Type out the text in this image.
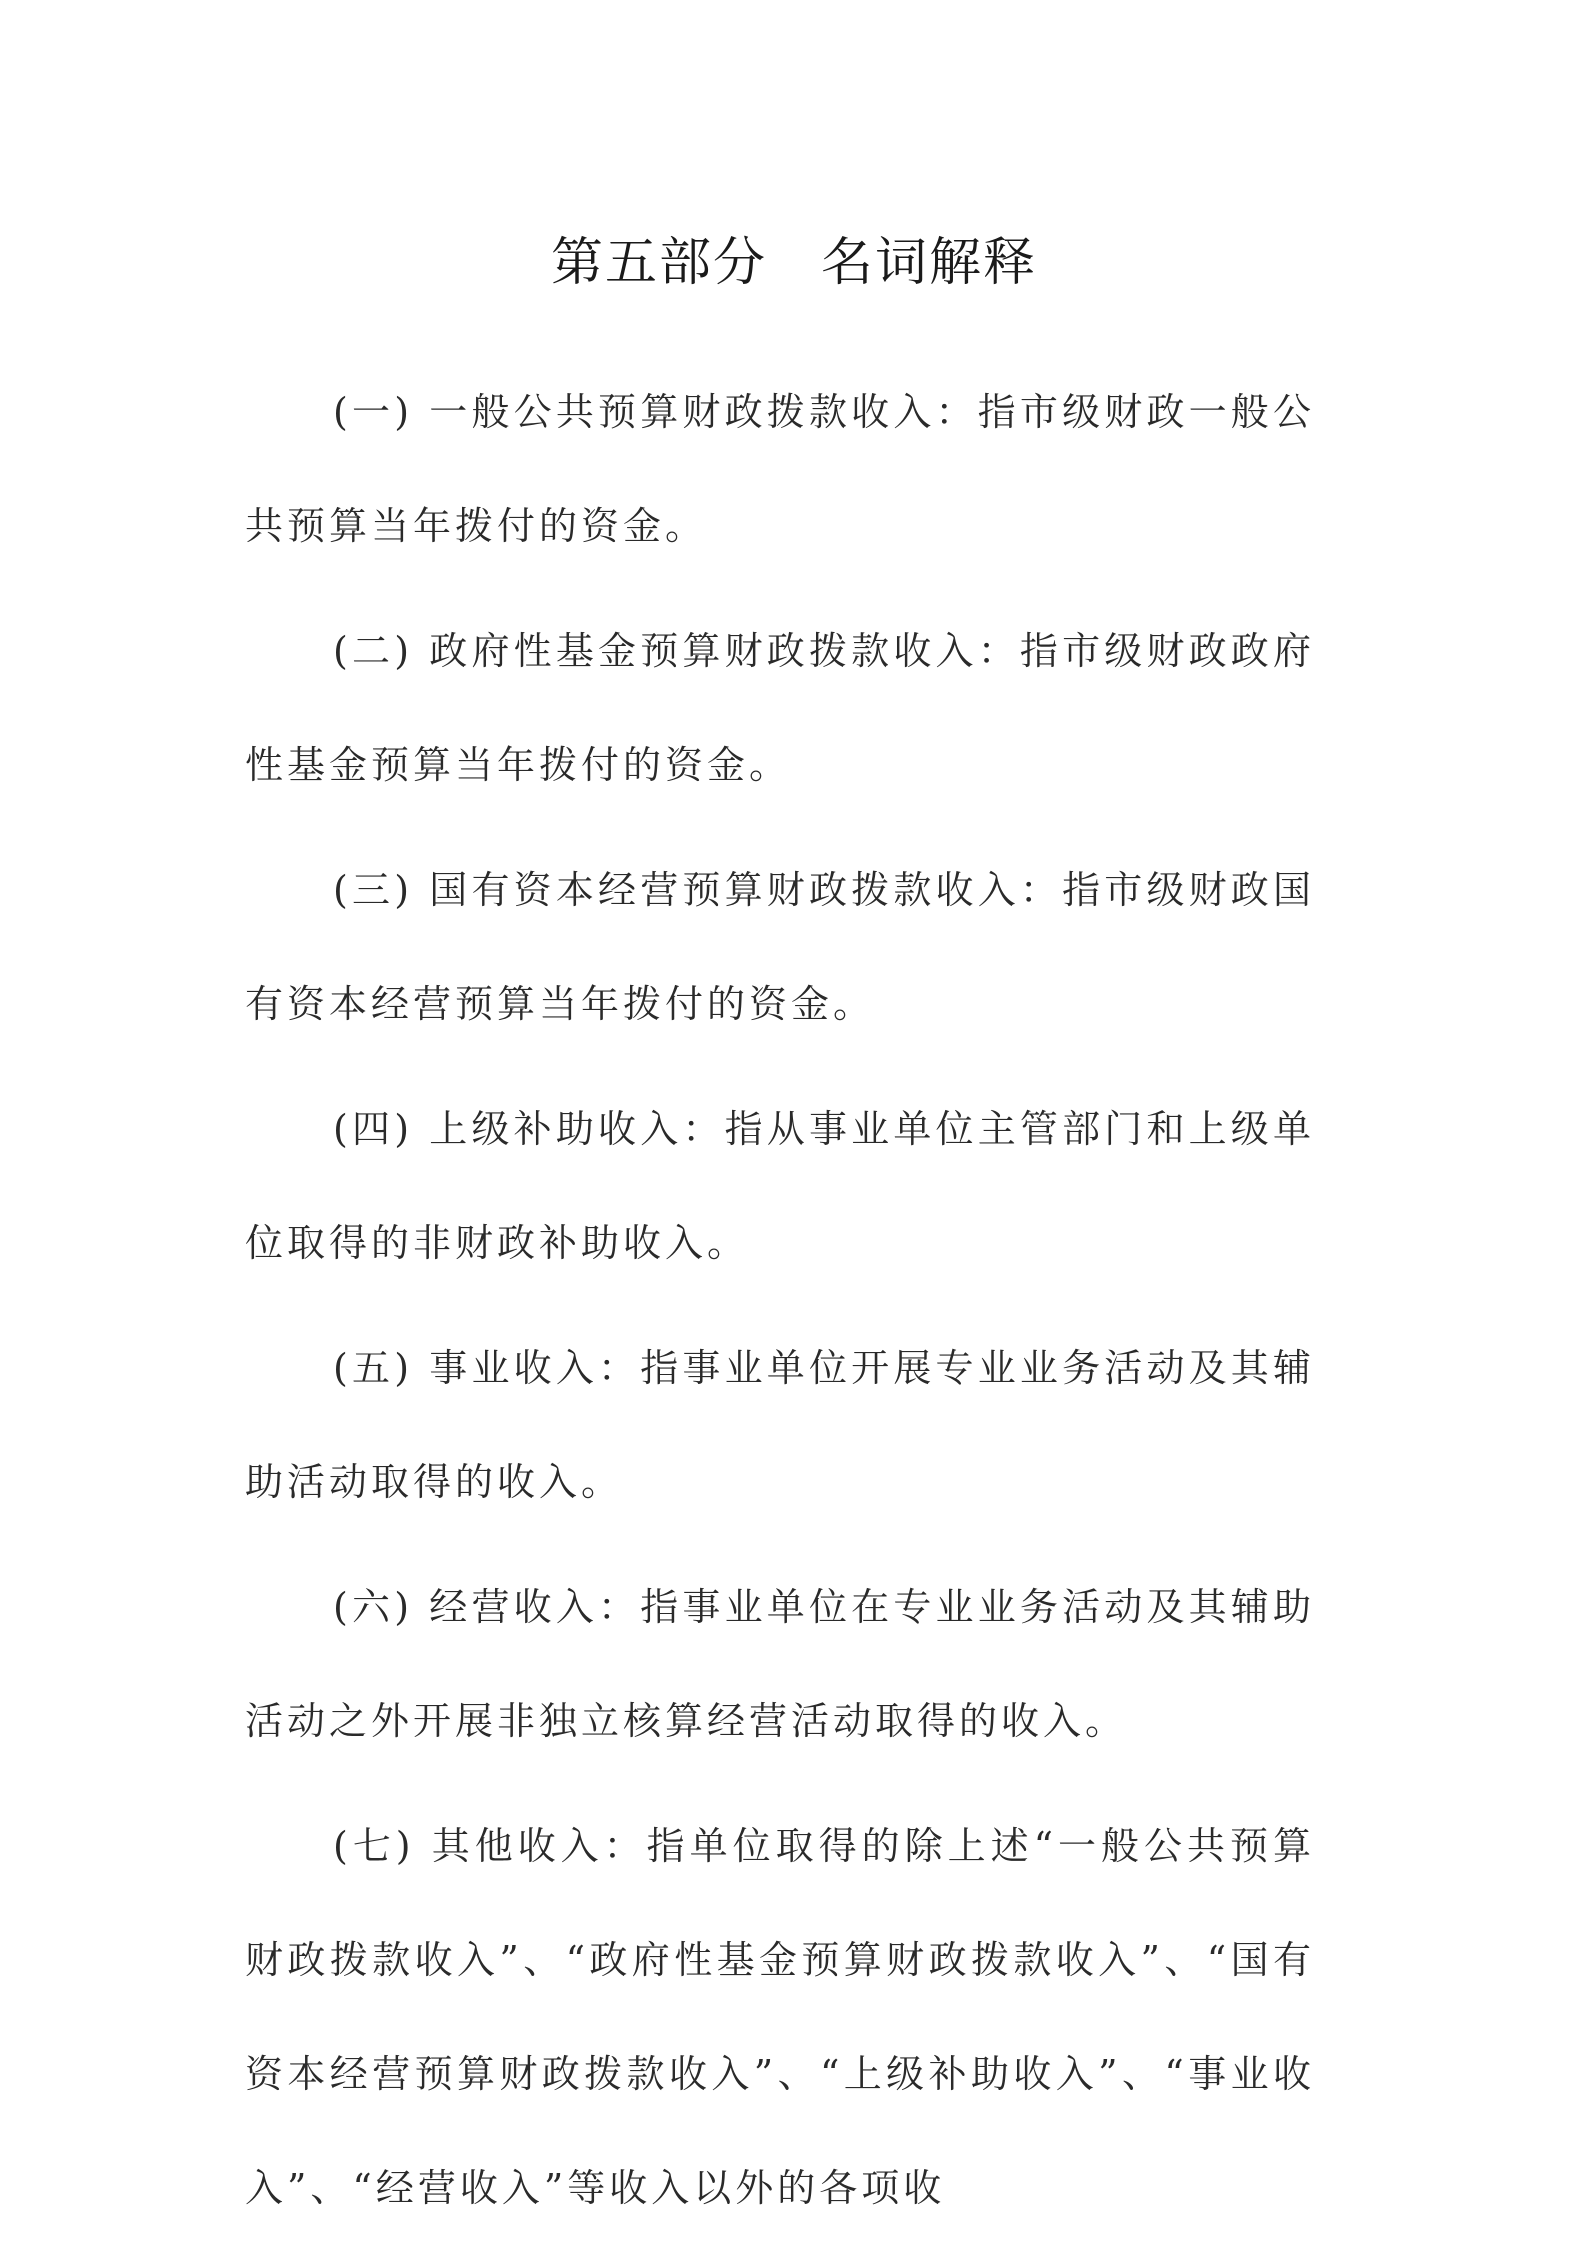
第五部分　名词解释

(一) 一般公共预算财政拨款收入：指市级财政一般公共预算当年拨付的资金。

(二) 政府性基金预算财政拨款收入：指市级财政政府性基金预算当年拨付的资金。

(三) 国有资本经营预算财政拨款收入：指市级财政国有资本经营预算当年拨付的资金。

(四) 上级补助收入：指从事业单位主管部门和上级单位取得的非财政补助收入。

(五) 事业收入：指事业单位开展专业业务活动及其辅助活动取得的收入。

(六) 经营收入：指事业单位在专业业务活动及其辅助活动之外开展非独立核算经营活动取得的收入。

(七) 其他收入：指单位取得的除上述“一般公共预算财政拨款收入”、“政府性基金预算财政拨款收入”、“国有资本经营预算财政拨款收入”、“上级补助收入”、“事业收入”、“经营收入”等收入以外的各项收
